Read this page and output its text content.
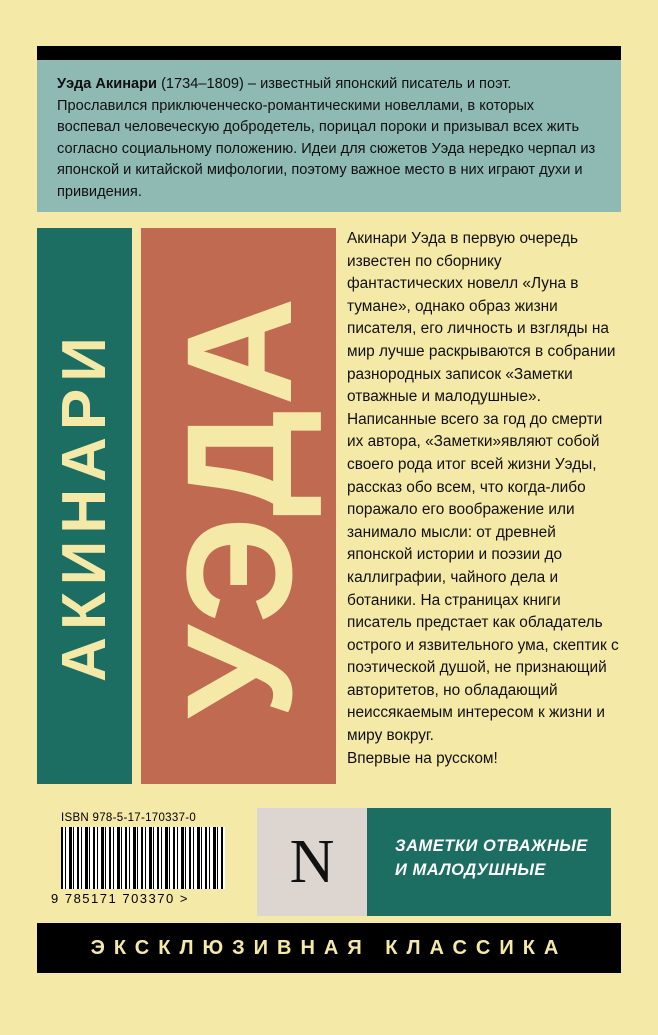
Уэда Акинари (1734–1809) – известный японский писатель и поэт. Прославился приключенческо-романтическими новеллами, в которых воспевал человеческую добродетель, порицал пороки и призывал всех жить согласно социальному положению. Идеи для сюжетов Уэда нередко черпал из японской и китайской мифологии, поэтому важное место в них играют духи и привидения.

АКИНАРИ УЭДА

Акинари Уэда в первую очередь известен по сборнику фантастических новелл «Луна в тумане», однако образ жизни писателя, его личность и взгляды на мир лучше раскрываются в собрании разнородных записок «Заметки отважные и малодушные». Написанные всего за год до смерти их автора, «Заметки»являют собой своего рода итог всей жизни Уэды, рассказ обо всем, что когда-либо поражало его воображение или занимало мысли: от древней японской истории и поэзии до каллиграфии, чайного дела и ботаники. На страницах книги писатель предстает как обладатель острого и язвительного ума, скептик с поэтической душой, не признающий авторитетов, но обладающий неиссякаемым интересом к жизни и миру вокруг.

Впервые на русском!

ISBN 978-5-17-170337-0
9 785171 703370 >
N	ЗАМЕТКИ ОТВАЖНЫЕ
И МАЛОДУШНЫЕ
ЭКСКЛЮЗИВНАЯ КЛАССИКА
